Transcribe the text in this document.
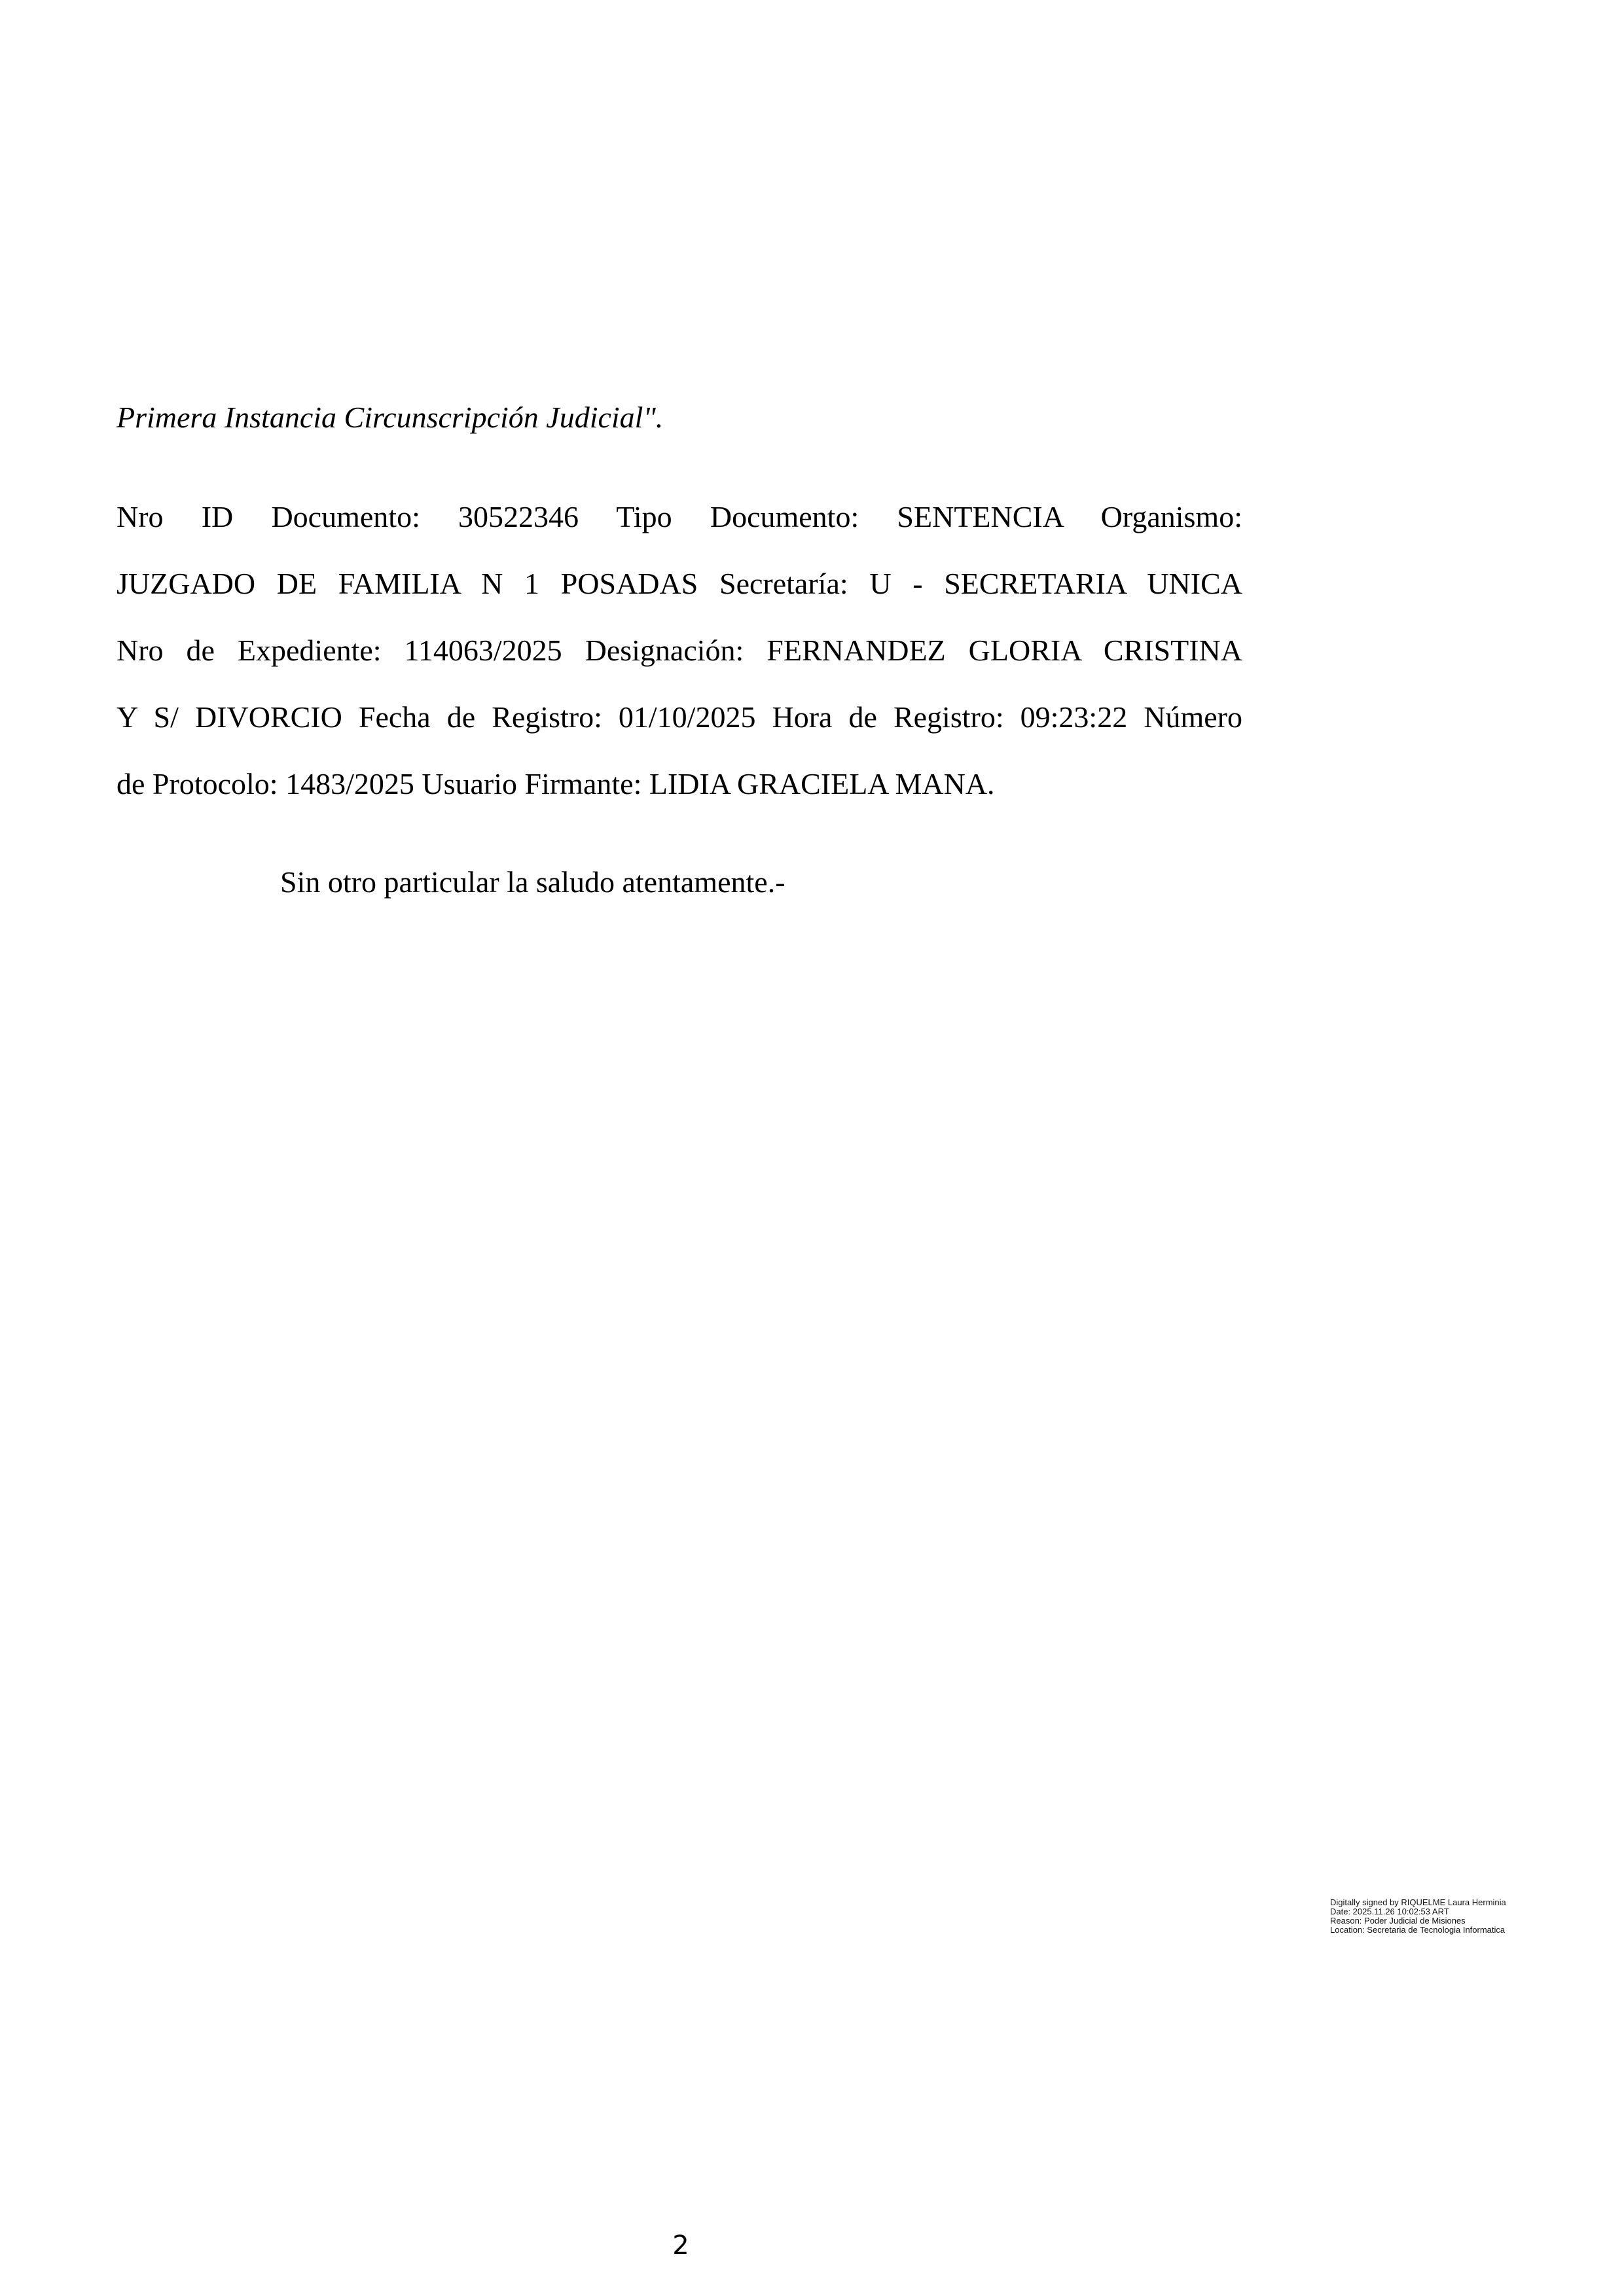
Primera Instancia Circunscripción Judicial".
Nro ID Documento: 30522346 Tipo Documento: SENTENCIA Organismo:
JUZGADO DE FAMILIA N 1 POSADAS Secretaría: U - SECRETARIA UNICA
Nro de Expediente: 114063/2025 Designación: FERNANDEZ GLORIA CRISTINA
Y S/ DIVORCIO Fecha de Registro: 01/10/2025 Hora de Registro: 09:23:22 Número
de Protocolo: 1483/2025 Usuario Firmante: LIDIA GRACIELA MANA.
Sin otro particular la saludo atentamente.-
Digitally signed by RIQUELME Laura Herminia
Date: 2025.11.26 10:02:53 ART
Reason: Poder Judicial de Misiones
Location: Secretaria de Tecnologia Informatica
2
